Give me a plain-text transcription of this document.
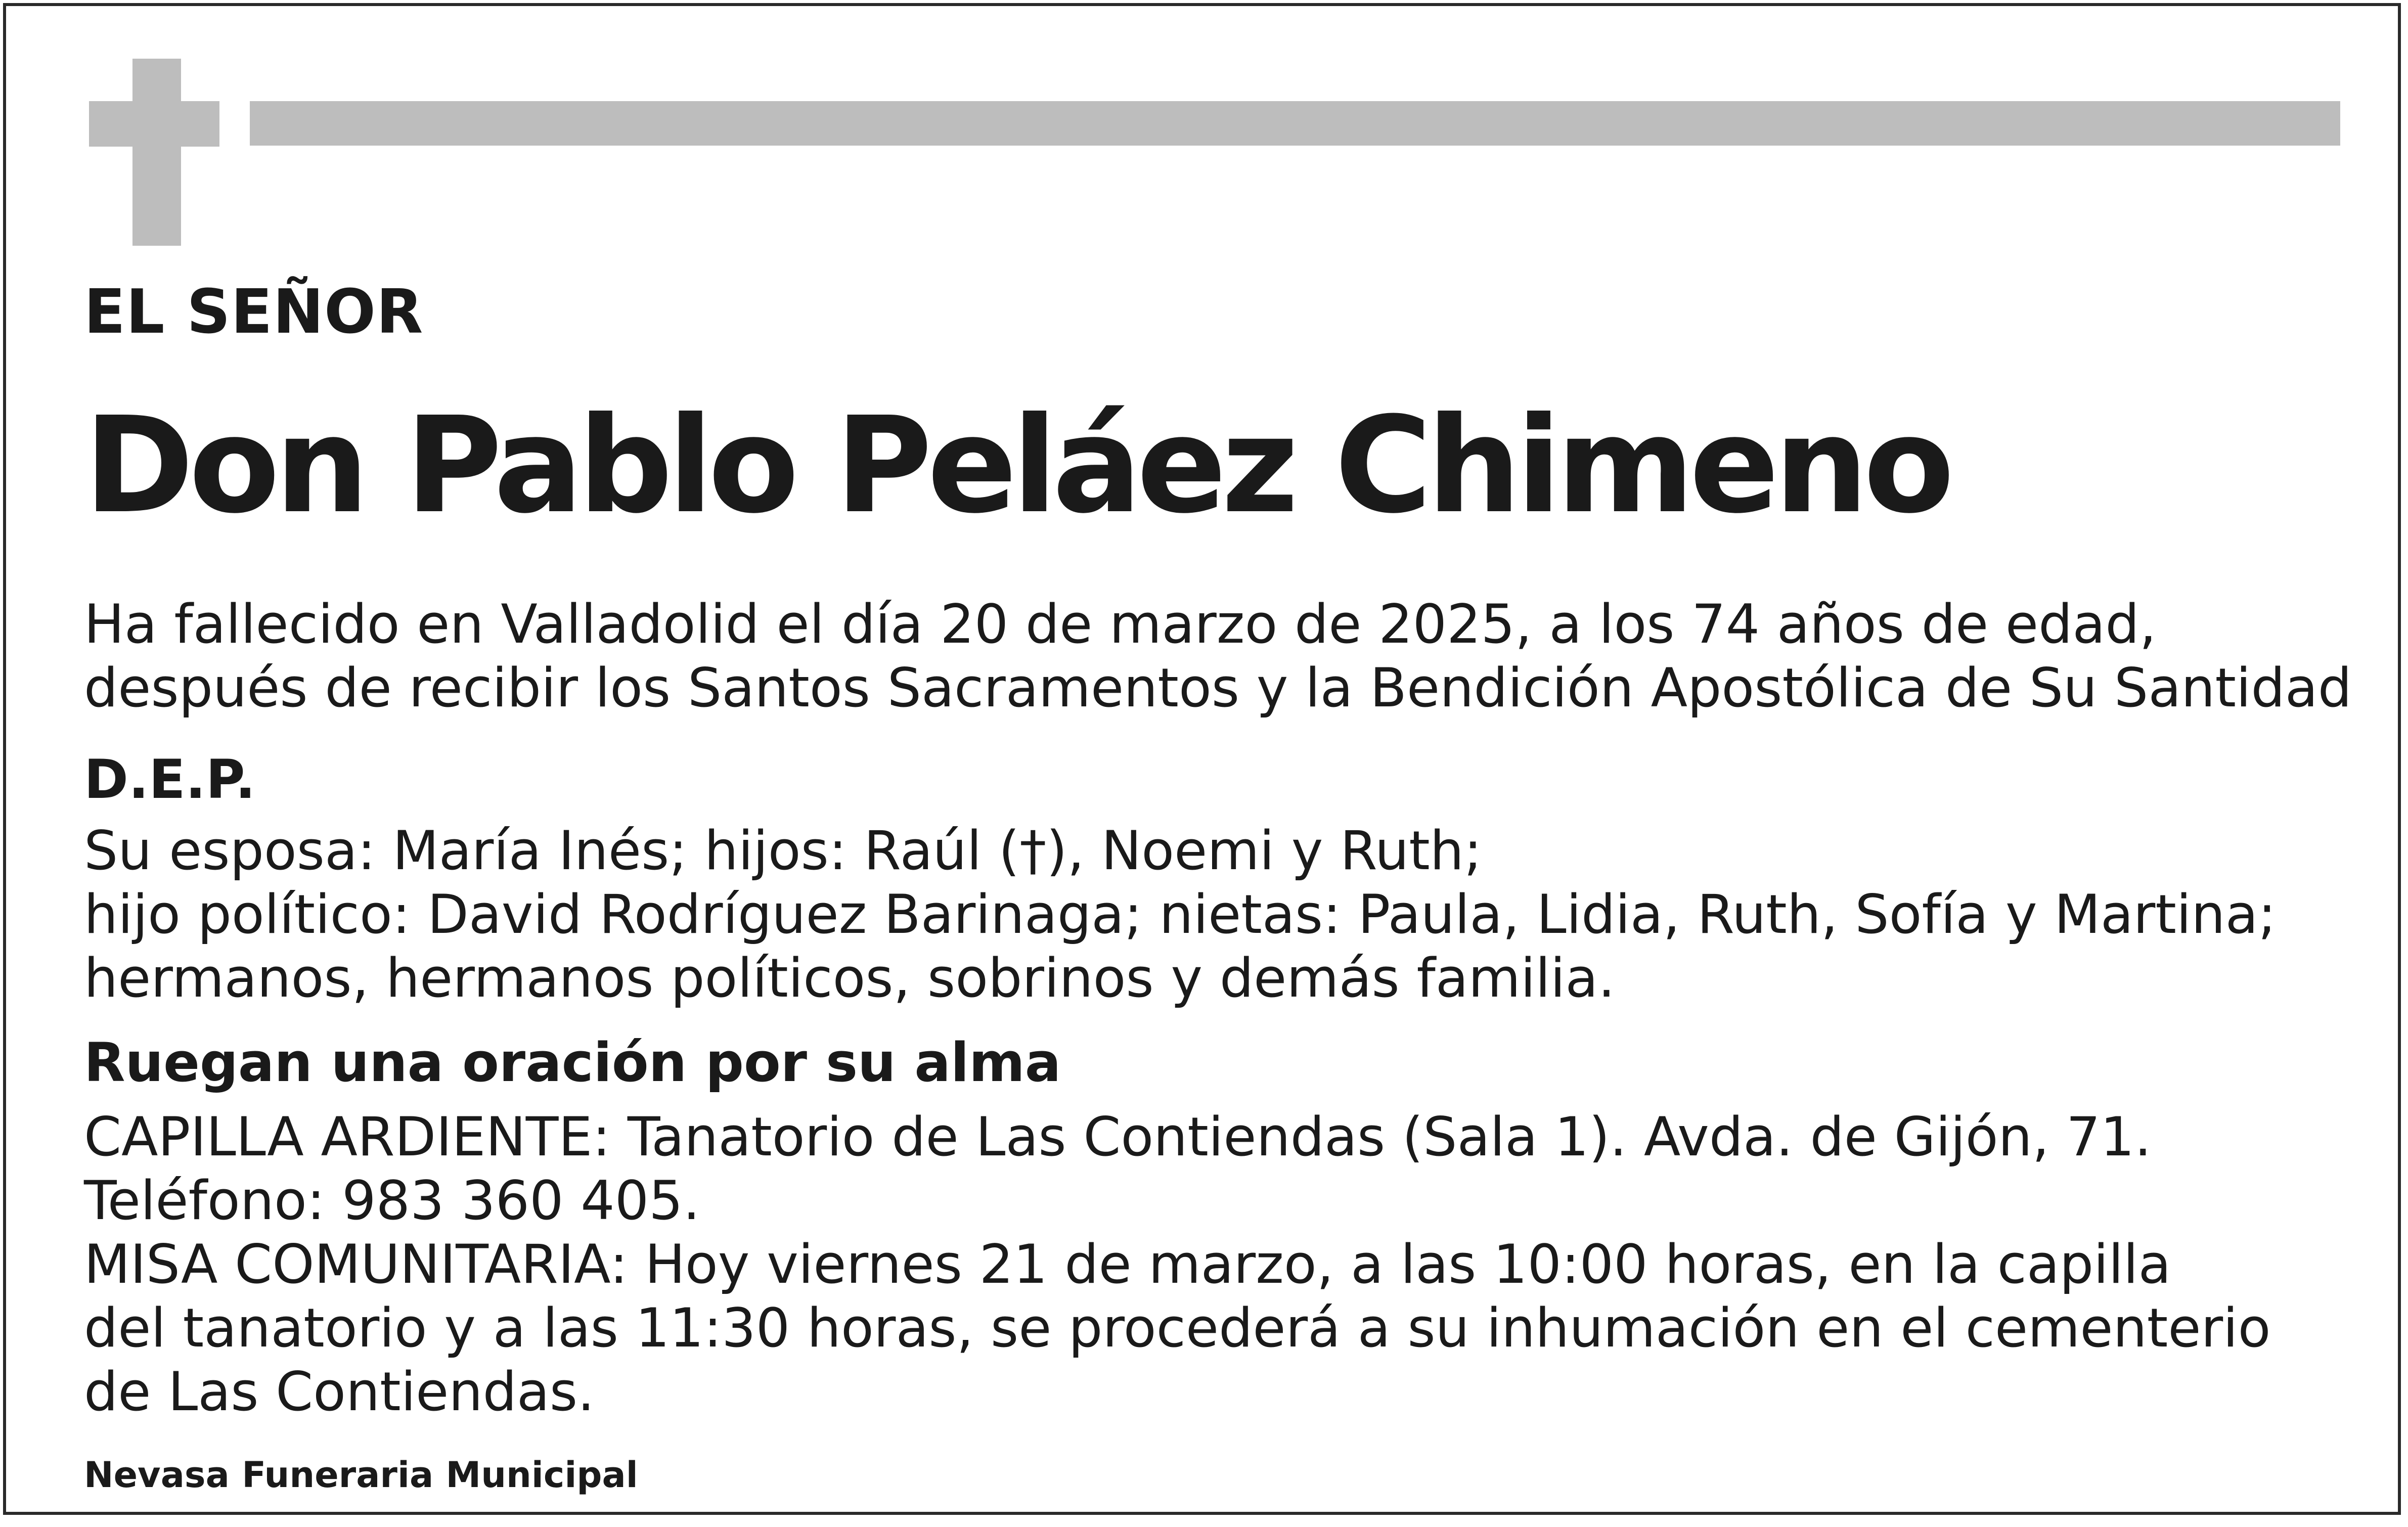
EL SEÑOR
Don Pablo Peláez Chimeno
Ha fallecido en Valladolid el día 20 de marzo de 2025, a los 74 años de edad,
después de recibir los Santos Sacramentos y la Bendición Apostólica de Su Santidad
D.E.P.
Su esposa: María Inés; hijos: Raúl (†), Noemi y Ruth;
hijo político: David Rodríguez Barinaga; nietas: Paula, Lidia, Ruth, Sofía y Martina;
hermanos, hermanos políticos, sobrinos y demás familia.
Ruegan una oración por su alma
CAPILLA ARDIENTE: Tanatorio de Las Contiendas (Sala 1). Avda. de Gijón, 71.
Teléfono: 983 360 405.
MISA COMUNITARIA: Hoy viernes 21 de marzo, a las 10:00 horas, en la capilla
del tanatorio y a las 11:30 horas, se procederá a su inhumación en el cementerio
de Las Contiendas.
Nevasa Funeraria Municipal
